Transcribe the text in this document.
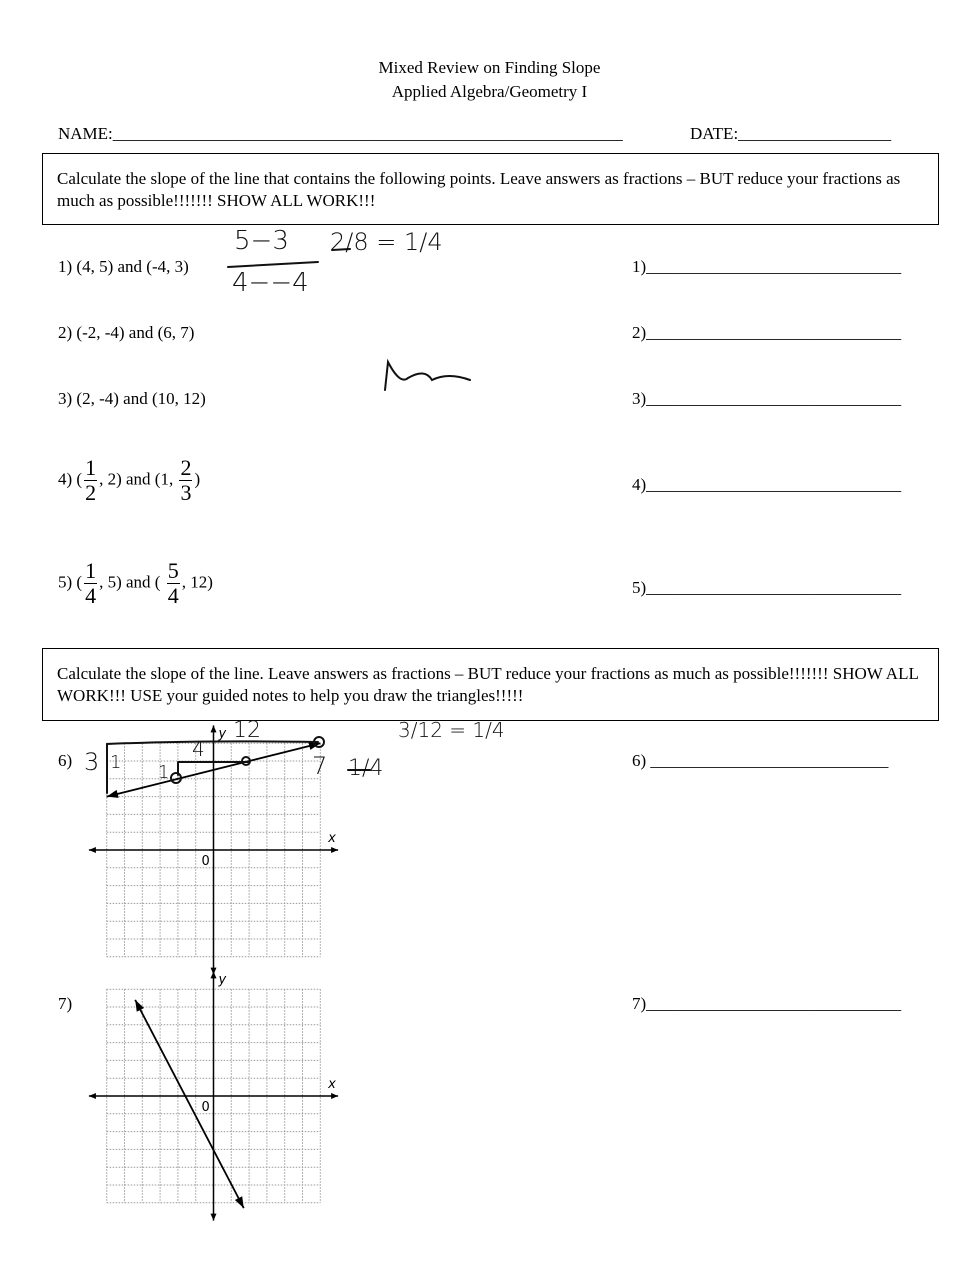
Mixed Review on Finding Slope
Applied Algebra/Geometry I
NAME:____________________________________________________________	DATE:__________________
Calculate the slope of the line that contains the following points. Leave answers as fractions – BUT reduce your fractions as much as possible!!!!!!! SHOW ALL WORK!!!
1) (4, 5) and (-4, 3)	1)______________________________
2) (-2, -4) and (6, 7)	2)______________________________
3) (2, -4) and (10, 12)	3)______________________________
4) ( $\frac{1}{2}$ , 2) and (1, $\frac{2}{3}$ )	4)______________________________
5) ( $\frac{1}{4}$ , 5) and ( $\frac{5}{4}$ , 12)	5)______________________________
Calculate the slope of the line. Leave answers as fractions – BUT reduce your fractions as much as possible!!!!!!! SHOW ALL WORK!!! USE your guided notes to help you draw the triangles!!!!!
6)	6) ____________________________
7)	7)______________________________
x
y
0
x
y
0
5−3
4−−4
2/8 = 1/4
3 1
12
4
1	7
3/12 = 1/4
1/4
